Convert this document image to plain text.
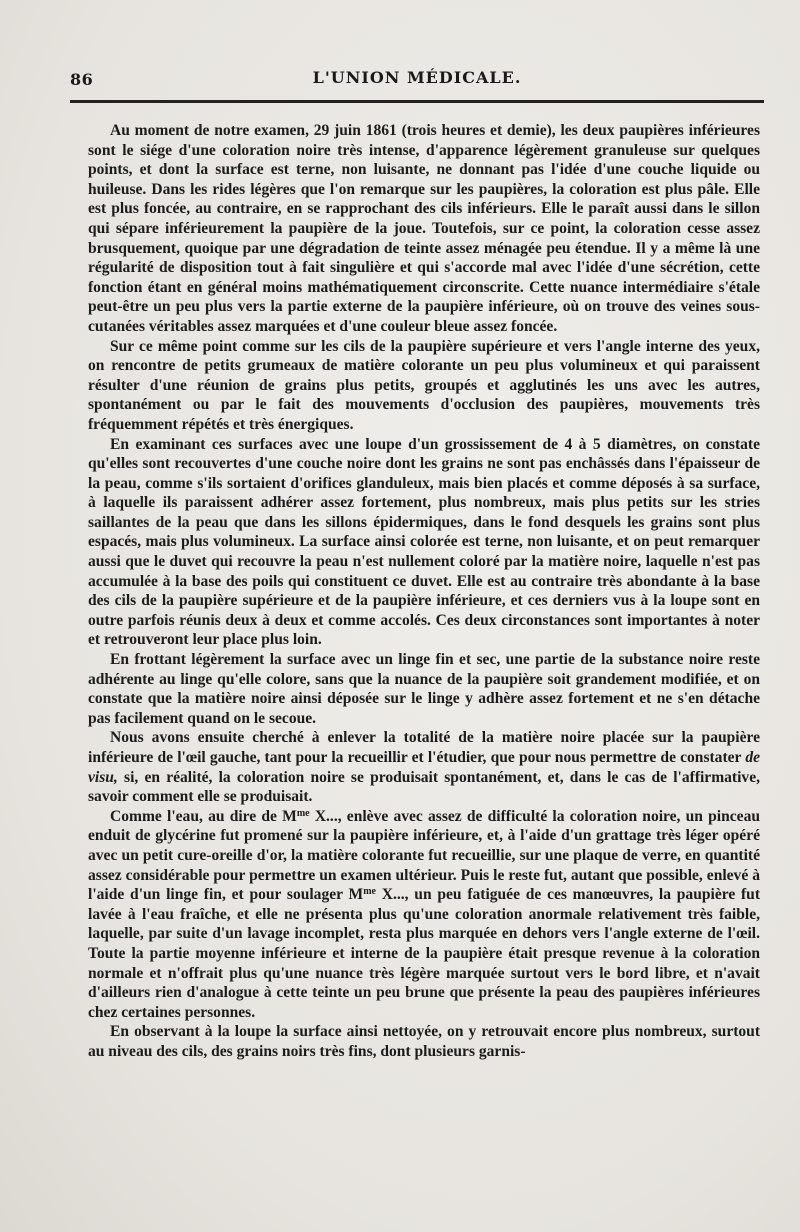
86	L'UNION MÉDICALE.

Au moment de notre examen, 29 juin 1861 (trois heures et demie), les deux paupières inférieures sont le siége d'une coloration noire très intense, d'apparence légèrement granuleuse sur quelques points, et dont la surface est terne, non luisante, ne donnant pas l'idée d'une couche liquide ou huileuse. Dans les rides légères que l'on remarque sur les paupières, la coloration est plus pâle. Elle est plus foncée, au contraire, en se rapprochant des cils inférieurs. Elle le paraît aussi dans le sillon qui sépare inférieurement la paupière de la joue. Toutefois, sur ce point, la coloration cesse assez brusquement, quoique par une dégradation de teinte assez ménagée peu étendue. Il y a même là une régularité de disposition tout à fait singulière et qui s'accorde mal avec l'idée d'une sécrétion, cette fonction étant en général moins mathématiquement circonscrite. Cette nuance intermédiaire s'étale peut-être un peu plus vers la partie externe de la paupière inférieure, où on trouve des veines sous-cutanées véritables assez marquées et d'une couleur bleue assez foncée.

Sur ce même point comme sur les cils de la paupière supérieure et vers l'angle interne des yeux, on rencontre de petits grumeaux de matière colorante un peu plus volumineux et qui paraissent résulter d'une réunion de grains plus petits, groupés et agglutinés les uns avec les autres, spontanément ou par le fait des mouvements d'occlusion des paupières, mouvements très fréquemment répétés et très énergiques.

En examinant ces surfaces avec une loupe d'un grossissement de 4 à 5 diamètres, on constate qu'elles sont recouvertes d'une couche noire dont les grains ne sont pas enchâssés dans l'épaisseur de la peau, comme s'ils sortaient d'orifices glanduleux, mais bien placés et comme déposés à sa surface, à laquelle ils paraissent adhérer assez fortement, plus nombreux, mais plus petits sur les stries saillantes de la peau que dans les sillons épidermiques, dans le fond desquels les grains sont plus espacés, mais plus volumineux. La surface ainsi colorée est terne, non luisante, et on peut remarquer aussi que le duvet qui recouvre la peau n'est nullement coloré par la matière noire, laquelle n'est pas accumulée à la base des poils qui constituent ce duvet. Elle est au contraire très abondante à la base des cils de la paupière supérieure et de la paupière inférieure, et ces derniers vus à la loupe sont en outre parfois réunis deux à deux et comme accolés. Ces deux circonstances sont importantes à noter et retrouveront leur place plus loin.

En frottant légèrement la surface avec un linge fin et sec, une partie de la substance noire reste adhérente au linge qu'elle colore, sans que la nuance de la paupière soit grandement modifiée, et on constate que la matière noire ainsi déposée sur le linge y adhère assez fortement et ne s'en détache pas facilement quand on le secoue.

Nous avons ensuite cherché à enlever la totalité de la matière noire placée sur la paupière inférieure de l'œil gauche, tant pour la recueillir et l'étudier, que pour nous permettre de constater de visu, si, en réalité, la coloration noire se produisait spontanément, et, dans le cas de l'affirmative, savoir comment elle se produisait.

Comme l'eau, au dire de $M^{me}$ X..., enlève avec assez de difficulté la coloration noire, un pinceau enduit de glycérine fut promené sur la paupière inférieure, et, à l'aide d'un grattage très léger opéré avec un petit cure-oreille d'or, la matière colorante fut recueillie, sur une plaque de verre, en quantité assez considérable pour permettre un examen ultérieur. Puis le reste fut, autant que possible, enlevé à l'aide d'un linge fin, et pour soulager $M^{me}$ X..., un peu fatiguée de ces manœuvres, la paupière fut lavée à l'eau fraîche, et elle ne présenta plus qu'une coloration anormale relativement très faible, laquelle, par suite d'un lavage incomplet, resta plus marquée en dehors vers l'angle externe de l'œil. Toute la partie moyenne inférieure et interne de la paupière était presque revenue à la coloration normale et n'offrait plus qu'une nuance très légère marquée surtout vers le bord libre, et n'avait d'ailleurs rien d'analogue à cette teinte un peu brune que présente la peau des paupières inférieures chez certaines personnes.

En observant à la loupe la surface ainsi nettoyée, on y retrouvait encore plus nombreux, surtout au niveau des cils, des grains noirs très fins, dont plusieurs garnis-
